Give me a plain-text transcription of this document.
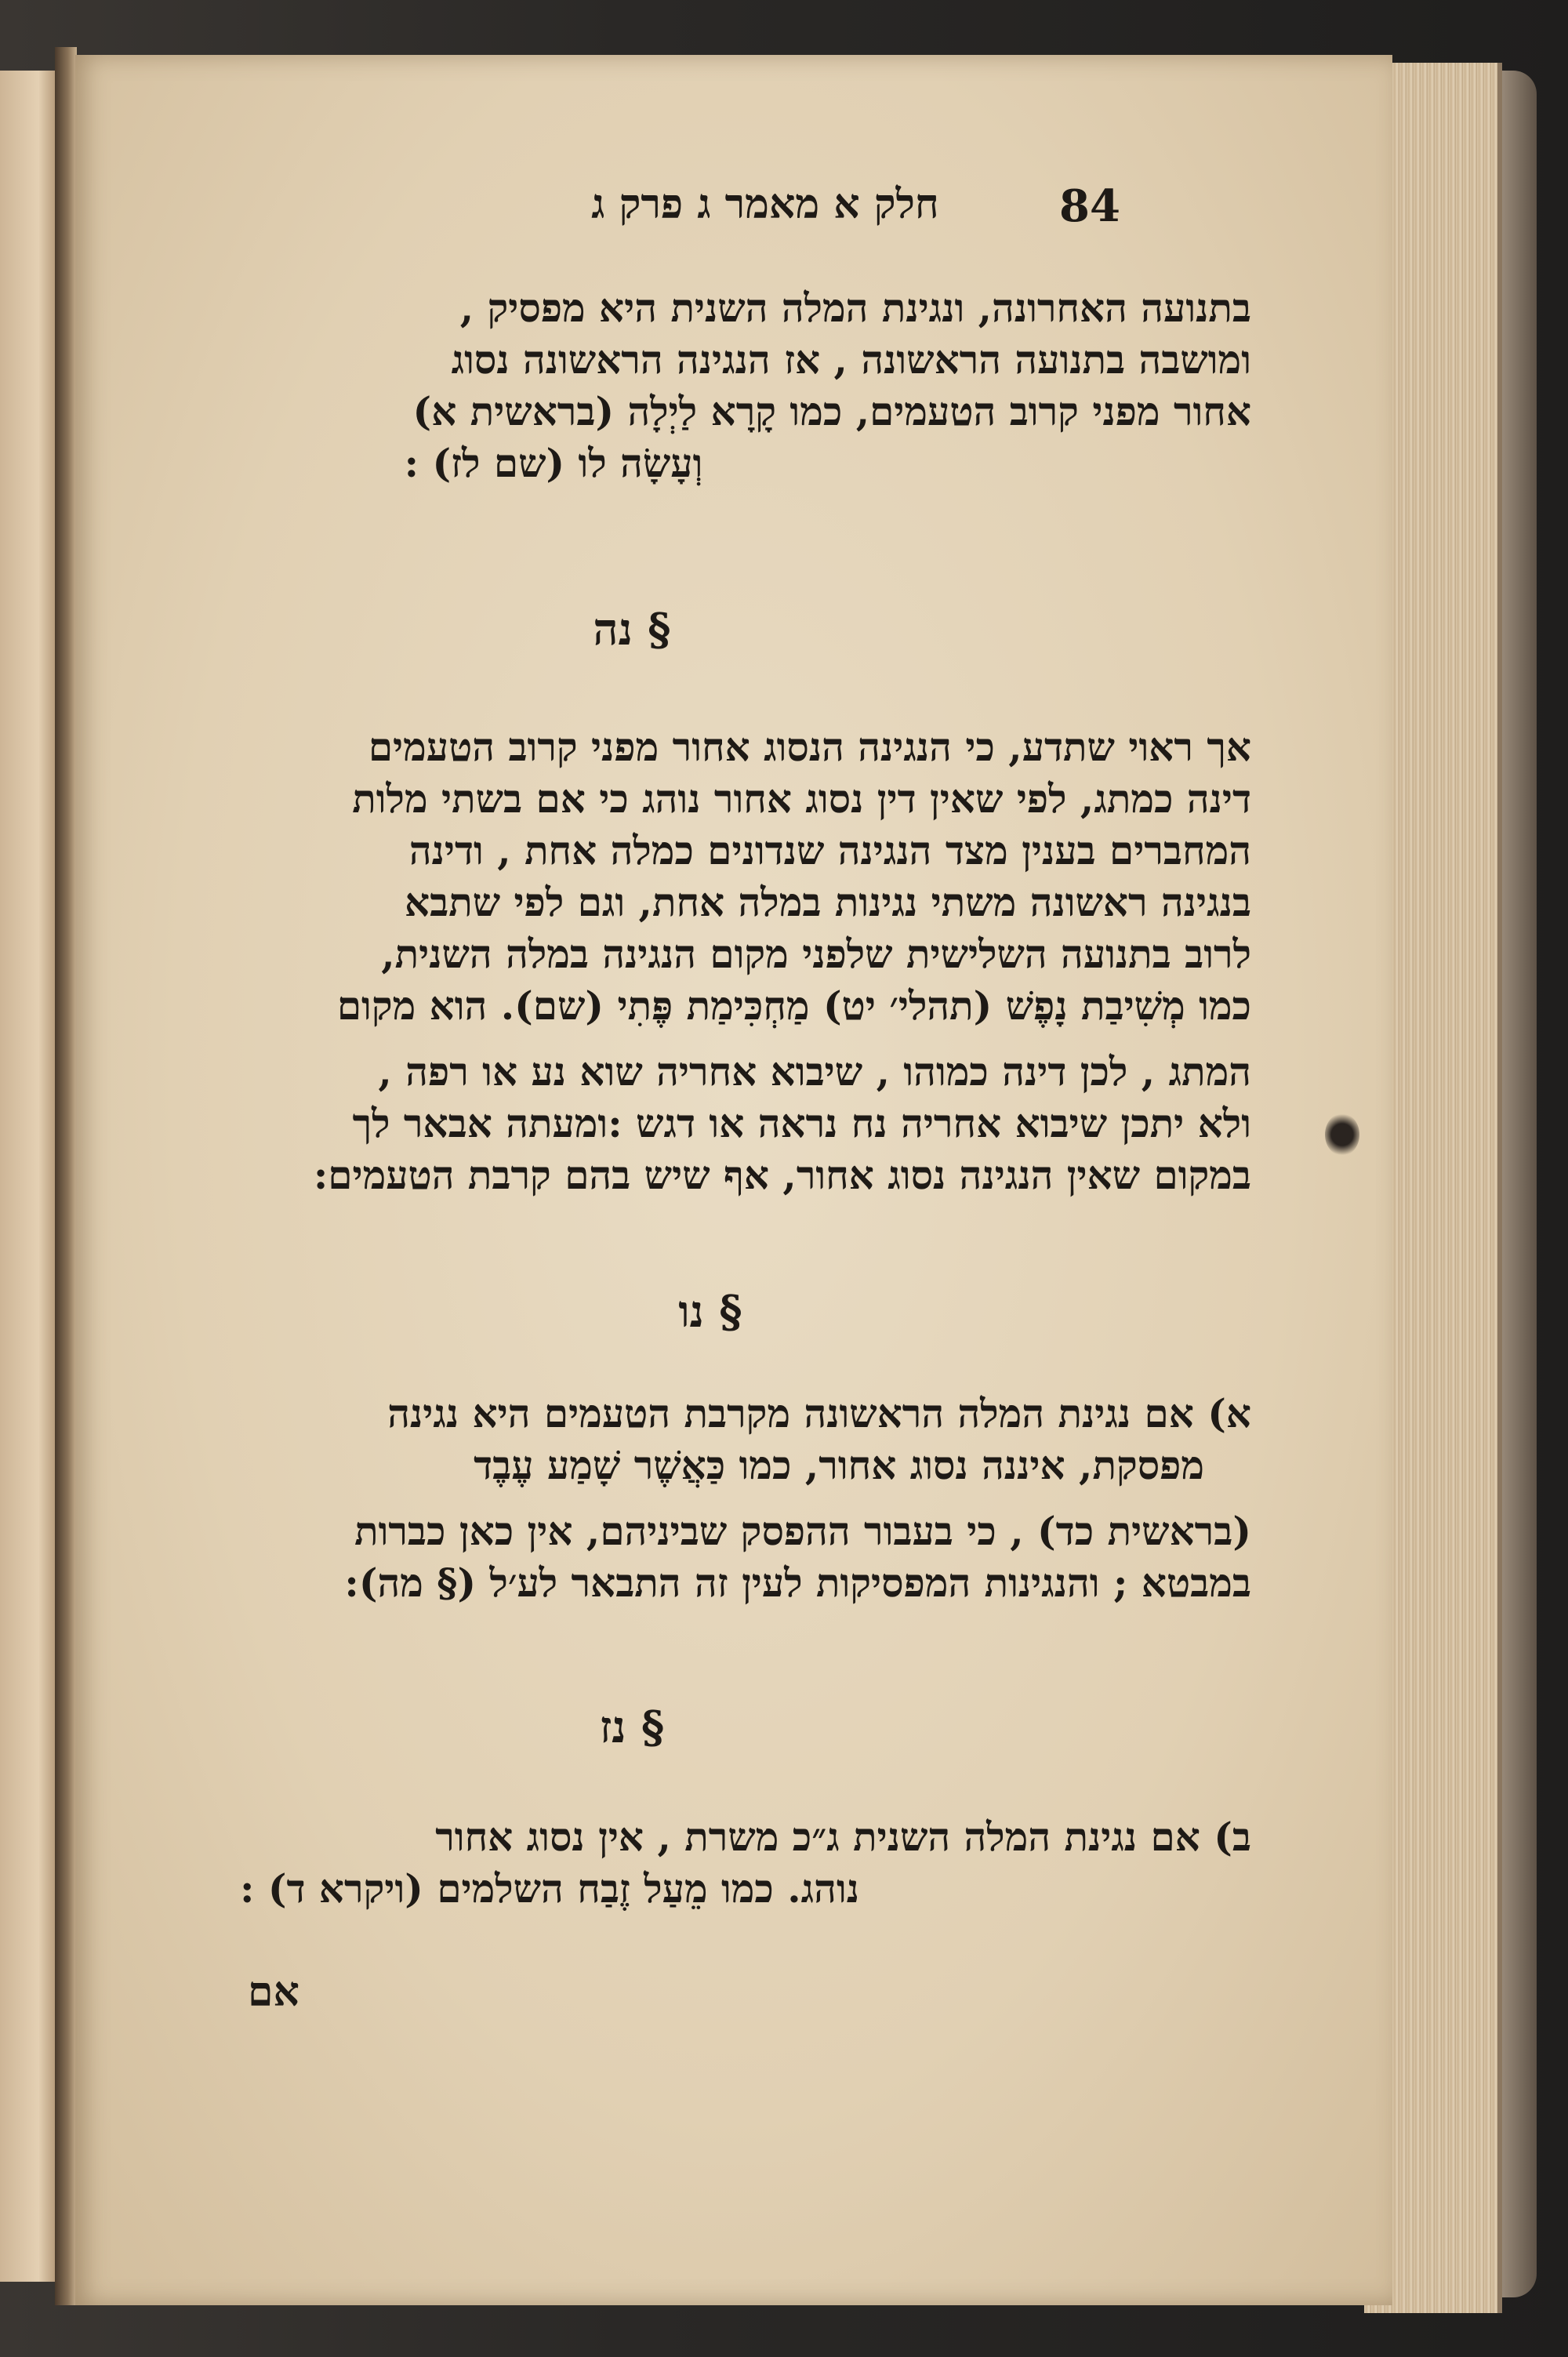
חלק א מאמר ג פרק ג	84
בתנועה האחרונה, ונגינת המלה השנית היא מפסיק ,
ומושבה בתנועה הראשונה , אז הנגינה הראשונה נסוג
אחור מפני קרוב הטעמים, כמו קָרָא לַיְלָה (בראשית א)
וְעָשָׂה לו (שם לז) :
§ נה
אך ראוי שתדע, כי הנגינה הנסוג אחור מפני קרוב הטעמים
דינה כמתג, לפי שאין דין נסוג אחור נוהג כי אם בשתי מלות
המחברים בענין מצד הנגינה שנדונים כמלה אחת , ודינה
בנגינה ראשונה משתי נגינות במלה אחת, וגם לפי שתבא
לרוב בתנועה השלישית שלפני מקום הנגינה במלה השנית,
כמו מְשִׁיבַת נָפֶשׁ (תהלי׳ יט) מַחְכִּימַת פֶּתִי (שם). הוא מקום
המתג , לכן דינה כמוהו , שיבוא אחריה שוא נע או רפה ,
ולא יתכן שיבוא אחריה נח נראה או דגש :ומעתה אבאר לך
במקום שאין הנגינה נסוג אחור, אף שיש בהם קרבת הטעמים:
§ נו
א) אם נגינת המלה הראשונה מקרבת הטעמים היא נגינה
מפסקת, איננה נסוג אחור, כמו כַּאֲשֶׁר שָׁמַע עֶבֶד
(בראשית כד) , כי בעבור ההפסק שביניהם, אין כאן כברות
במבטא ; והנגינות המפסיקות לעין זה התבאר לע׳ל (§ מה):
§ נז
ב) אם נגינת המלה השנית ג״כ משרת , אין נסוג אחור
נוהג. כמו מֵעַל זֶבַח השלמים (ויקרא ד) :
אם
